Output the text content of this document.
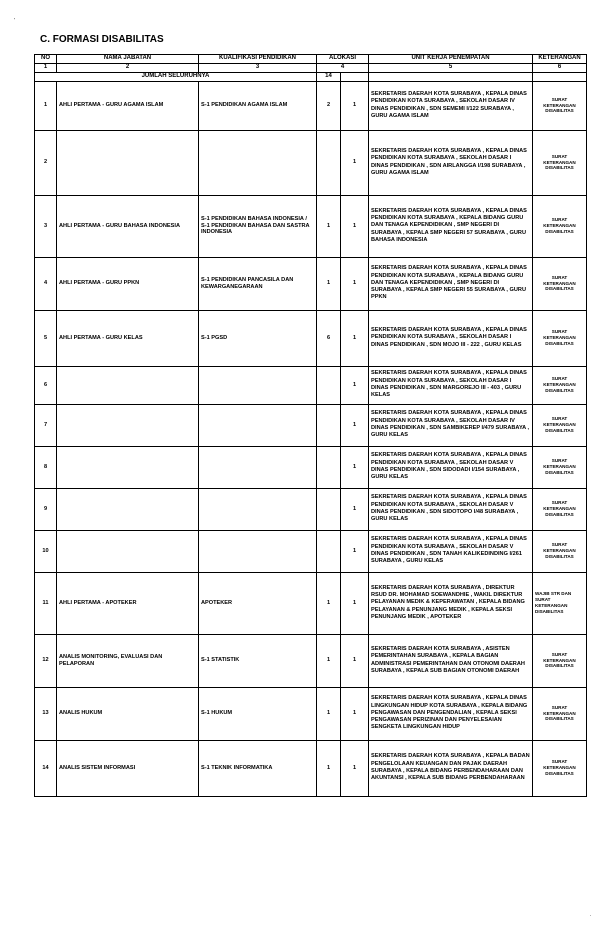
C. FORMASI DISABILITAS
NO	NAMA JABATAN	KUALIFIKASI PENDIDIKAN	ALOKASI		UNIT KERJA PENEMPATAN	KETERANGAN
1	2	3	4		5	6
JUMLAH SELURUHNYA			14			
1	AHLI PERTAMA - GURU AGAMA ISLAM	S-1 PENDIDIKAN AGAMA ISLAM	2	1	SEKRETARIS DAERAH KOTA SURABAYA , KEPALA DINAS PENDIDIKAN KOTA SURABAYA , SEKOLAH DASAR IV DINAS PENDIDIKAN , SDN SEMEMI I/122 SURABAYA , GURU AGAMA ISLAM	SURAT KETERANGAN DISABILITAS
2				1	SEKRETARIS DAERAH KOTA SURABAYA , KEPALA DINAS PENDIDIKAN KOTA SURABAYA , SEKOLAH DASAR I DINAS PENDIDIKAN , SDN AIRLANGGA I/198 SURABAYA , GURU AGAMA ISLAM	SURAT KETERANGAN DISABILITAS
3	AHLI PERTAMA - GURU BAHASA INDONESIA	S-1 PENDIDIKAN BAHASA INDONESIA / S-1 PENDIDIKAN BAHASA DAN SASTRA INDONESIA	1	1	SEKRETARIS DAERAH KOTA SURABAYA , KEPALA DINAS PENDIDIKAN KOTA SURABAYA , KEPALA BIDANG GURU DAN TENAGA KEPENDIDIKAN , SMP NEGERI DI SURABAYA , KEPALA SMP NEGERI 57 SURABAYA , GURU BAHASA INDONESIA	SURAT KETERANGAN DISABILITAS
4	AHLI PERTAMA - GURU PPKN	S-1 PENDIDIKAN PANCASILA DAN KEWARGANEGARAAN	1	1	SEKRETARIS DAERAH KOTA SURABAYA , KEPALA DINAS PENDIDIKAN KOTA SURABAYA , KEPALA BIDANG GURU DAN TENAGA KEPENDIDIKAN , SMP NEGERI DI SURABAYA , KEPALA SMP NEGERI 55 SURABAYA , GURU PPKN	SURAT KETERANGAN DISABILITAS
5	AHLI PERTAMA - GURU KELAS	S-1 PGSD	6	1	SEKRETARIS DAERAH KOTA SURABAYA , KEPALA DINAS PENDIDIKAN KOTA SURABAYA , SEKOLAH DASAR I DINAS PENDIDIKAN , SDN MOJO III - 222 , GURU KELAS	SURAT KETERANGAN DISABILITAS
6				1	SEKRETARIS DAERAH KOTA SURABAYA , KEPALA DINAS PENDIDIKAN KOTA SURABAYA , SEKOLAH DASAR I DINAS PENDIDIKAN , SDN MARGOREJO III - 403 , GURU KELAS	SURAT KETERANGAN DISABILITAS
7				1	SEKRETARIS DAERAH KOTA SURABAYA , KEPALA DINAS PENDIDIKAN KOTA SURABAYA , SEKOLAH DASAR IV DINAS PENDIDIKAN , SDN SAMBIKEREP I/479 SURABAYA , GURU KELAS	SURAT KETERANGAN DISABILITAS
8				1	SEKRETARIS DAERAH KOTA SURABAYA , KEPALA DINAS PENDIDIKAN KOTA SURABAYA , SEKOLAH DASAR V DINAS PENDIDIKAN , SDN SIDODADI I/154 SURABAYA , GURU KELAS	SURAT KETERANGAN DISABILITAS
9				1	SEKRETARIS DAERAH KOTA SURABAYA , KEPALA DINAS PENDIDIKAN KOTA SURABAYA , SEKOLAH DASAR V DINAS PENDIDIKAN , SDN SIDOTOPO I/48 SURABAYA , GURU KELAS	SURAT KETERANGAN DISABILITAS
10				1	SEKRETARIS DAERAH KOTA SURABAYA , KEPALA DINAS PENDIDIKAN KOTA SURABAYA , SEKOLAH DASAR V DINAS PENDIDIKAN , SDN TANAH KALIKEDINDING I/261 SURABAYA , GURU KELAS	SURAT KETERANGAN DISABILITAS
11	AHLI PERTAMA - APOTEKER	APOTEKER	1	1	SEKRETARIS DAERAH KOTA SURABAYA , DIREKTUR RSUD DR. MOHAMAD SOEWANDHIE , WAKIL DIREKTUR PELAYANAN MEDIK & KEPERAWATAN , KEPALA BIDANG PELAYANAN & PENUNJANG MEDIK , KEPALA SEKSI PENUNJANG MEDIK , APOTEKER	WAJIB STR DAN SURAT KETERANGAN DISABILITAS
12	ANALIS MONITORING, EVALUASI DAN PELAPORAN	S-1 STATISTIK	1	1	SEKRETARIS DAERAH KOTA SURABAYA , ASISTEN PEMERINTAHAN SURABAYA , KEPALA BAGIAN ADMINISTRASI PEMERINTAHAN DAN OTONOMI DAERAH SURABAYA , KEPALA SUB BAGIAN OTONOMI DAERAH	SURAT KETERANGAN DISABILITAS
13	ANALIS HUKUM	S-1 HUKUM	1	1	SEKRETARIS DAERAH KOTA SURABAYA , KEPALA DINAS LINGKUNGAN HIDUP KOTA SURABAYA , KEPALA BIDANG PENGAWASAN DAN PENGENDALIAN , KEPALA SEKSI PENGAWASAN PERIZINAN DAN PENYELESAIAN SENGKETA LINGKUNGAN HIDUP	SURAT KETERANGAN DISABILITAS
14	ANALIS SISTEM INFORMASI	S-1 TEKNIK INFORMATIKA	1	1	SEKRETARIS DAERAH KOTA SURABAYA , KEPALA BADAN PENGELOLAAN KEUANGAN DAN PAJAK DAERAH SURABAYA , KEPALA BIDANG PERBENDAHARAAN DAN AKUNTANSI , KEPALA SUB BIDANG PERBENDAHARAAN	SURAT KETERANGAN DISABILITAS
'
.
